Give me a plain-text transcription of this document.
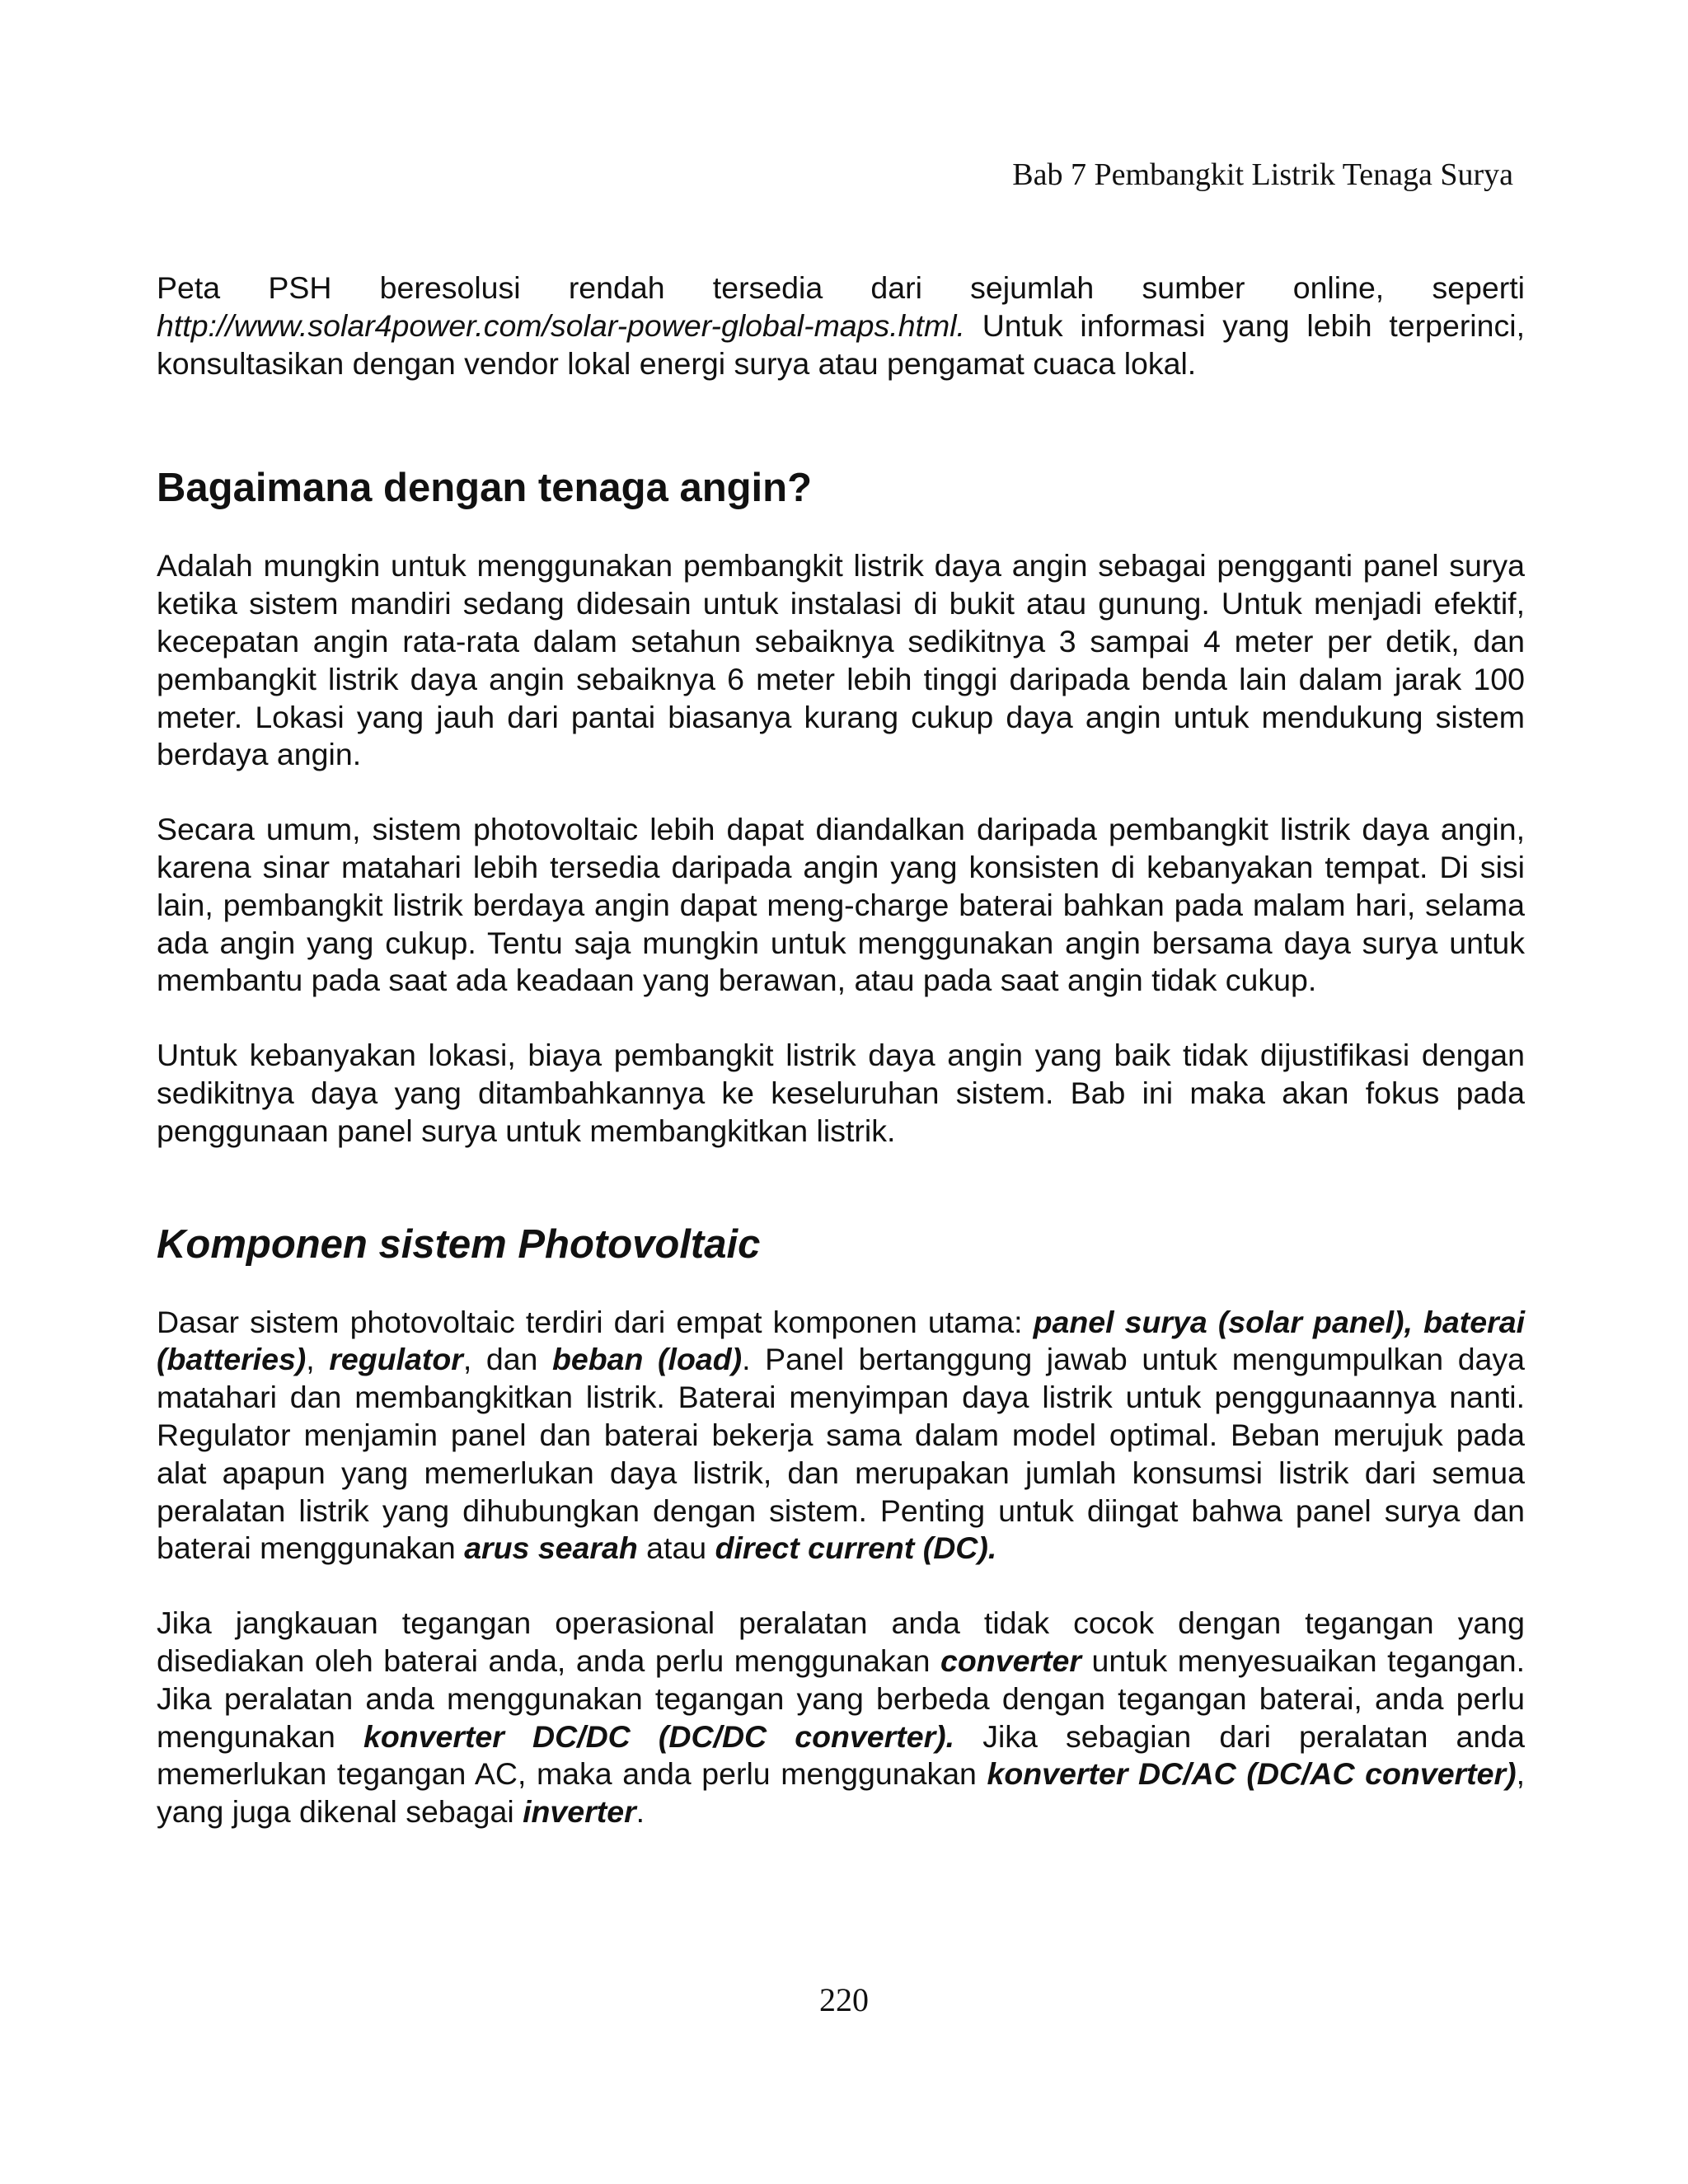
Bab 7 Pembangkit Listrik Tenaga Surya

Peta PSH beresolusi rendah tersedia dari sejumlah sumber online, seperti http://www.solar4power.com/solar-power-global-maps.html. Untuk informasi yang lebih terperinci, konsultasikan dengan vendor lokal energi surya atau pengamat cuaca lokal.

Bagaimana dengan tenaga angin?

Adalah mungkin untuk menggunakan pembangkit listrik daya angin sebagai pengganti panel surya ketika sistem mandiri sedang didesain untuk instalasi di bukit atau gunung. Untuk menjadi efektif, kecepatan angin rata-rata dalam setahun sebaiknya sedikitnya 3 sampai 4 meter per detik, dan pembangkit listrik daya angin sebaiknya 6 meter lebih tinggi daripada benda lain dalam jarak 100 meter. Lokasi yang jauh dari pantai biasanya kurang cukup daya angin untuk mendukung sistem berdaya angin.

Secara umum, sistem photovoltaic lebih dapat diandalkan daripada pembangkit listrik daya angin, karena sinar matahari lebih tersedia daripada angin yang konsisten di kebanyakan tempat. Di sisi lain, pembangkit listrik berdaya angin dapat meng-charge baterai bahkan pada malam hari, selama ada angin yang cukup. Tentu saja mungkin untuk menggunakan angin bersama daya surya untuk membantu pada saat ada keadaan yang berawan, atau pada saat angin tidak cukup.

Untuk kebanyakan lokasi, biaya pembangkit listrik daya angin yang baik tidak dijustifikasi dengan sedikitnya daya yang ditambahkannya ke keseluruhan sistem. Bab ini maka akan fokus pada penggunaan panel surya untuk membangkitkan listrik.

Komponen sistem Photovoltaic

Dasar sistem photovoltaic terdiri dari empat komponen utama: panel surya (solar panel), baterai (batteries), regulator, dan beban (load). Panel bertanggung jawab untuk mengumpulkan daya matahari dan membangkitkan listrik. Baterai menyimpan daya listrik untuk penggunaannya nanti. Regulator menjamin panel dan baterai bekerja sama dalam model optimal. Beban merujuk pada alat apapun yang memerlukan daya listrik, dan merupakan jumlah konsumsi listrik dari semua peralatan listrik yang dihubungkan dengan sistem. Penting untuk diingat bahwa panel surya dan baterai menggunakan arus searah atau direct current (DC).

Jika jangkauan tegangan operasional peralatan anda tidak cocok dengan tegangan yang disediakan oleh baterai anda, anda perlu menggunakan converter untuk menyesuaikan tegangan. Jika peralatan anda menggunakan tegangan yang berbeda dengan tegangan baterai, anda perlu mengunakan konverter DC/DC (DC/DC converter). Jika sebagian dari peralatan anda memerlukan tegangan AC, maka anda perlu menggunakan konverter DC/AC (DC/AC converter), yang juga dikenal sebagai inverter.

220
